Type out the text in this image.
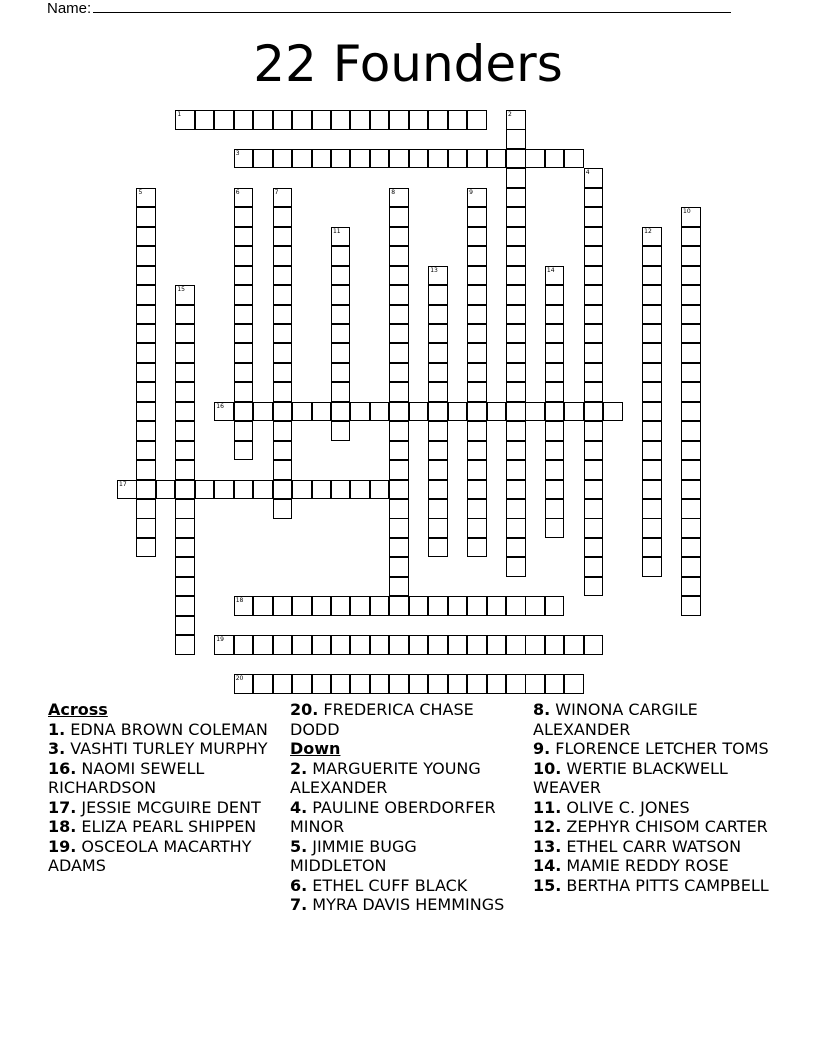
Name:
22 Founders
1	2
3
4
5	6	7	8	9
10
11	12
13	14
15
16
17
18
19
20
Across
1. EDNA BROWN COLEMAN
3. VASHTI TURLEY MURPHY
16. NAOMI SEWELL RICHARDSON
17. JESSIE MCGUIRE DENT
18. ELIZA PEARL SHIPPEN
19. OSCEOLA MACARTHY ADAMS
20. FREDERICA CHASE DODD
Down
2. MARGUERITE YOUNG ALEXANDER
4. PAULINE OBERDORFER MINOR
5. JIMMIE BUGG MIDDLETON
6. ETHEL CUFF BLACK
7. MYRA DAVIS HEMMINGS
8. WINONA CARGILE ALEXANDER
9. FLORENCE LETCHER TOMS
10. WERTIE BLACKWELL WEAVER
11. OLIVE C. JONES
12. ZEPHYR CHISOM CARTER
13. ETHEL CARR WATSON
14. MAMIE REDDY ROSE
15. BERTHA PITTS CAMPBELL
